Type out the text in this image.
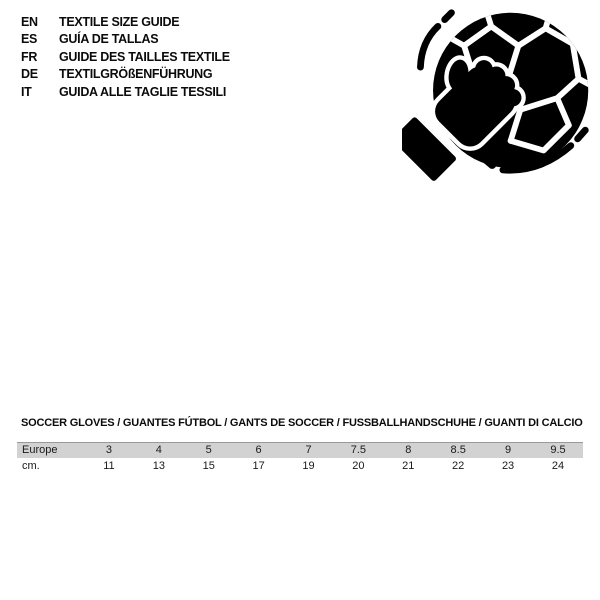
EN	TEXTILE SIZE GUIDE
ES	GUÍA DE TALLAS
FR	GUIDE DES TAILLES TEXTILE
DE	TEXTILGRÖßENFÜHRUNG
IT	GUIDA ALLE TAGLIE TESSILI
SOCCER GLOVES / GUANTES FÚTBOL / GANTS DE SOCCER / FUSSBALLHANDSCHUHE / GUANTI DI CALCIO
Europe	3	4	5	6	7	7.5	8	8.5	9	9.5
cm.	11	13	15	17	19	20	21	22	23	24
